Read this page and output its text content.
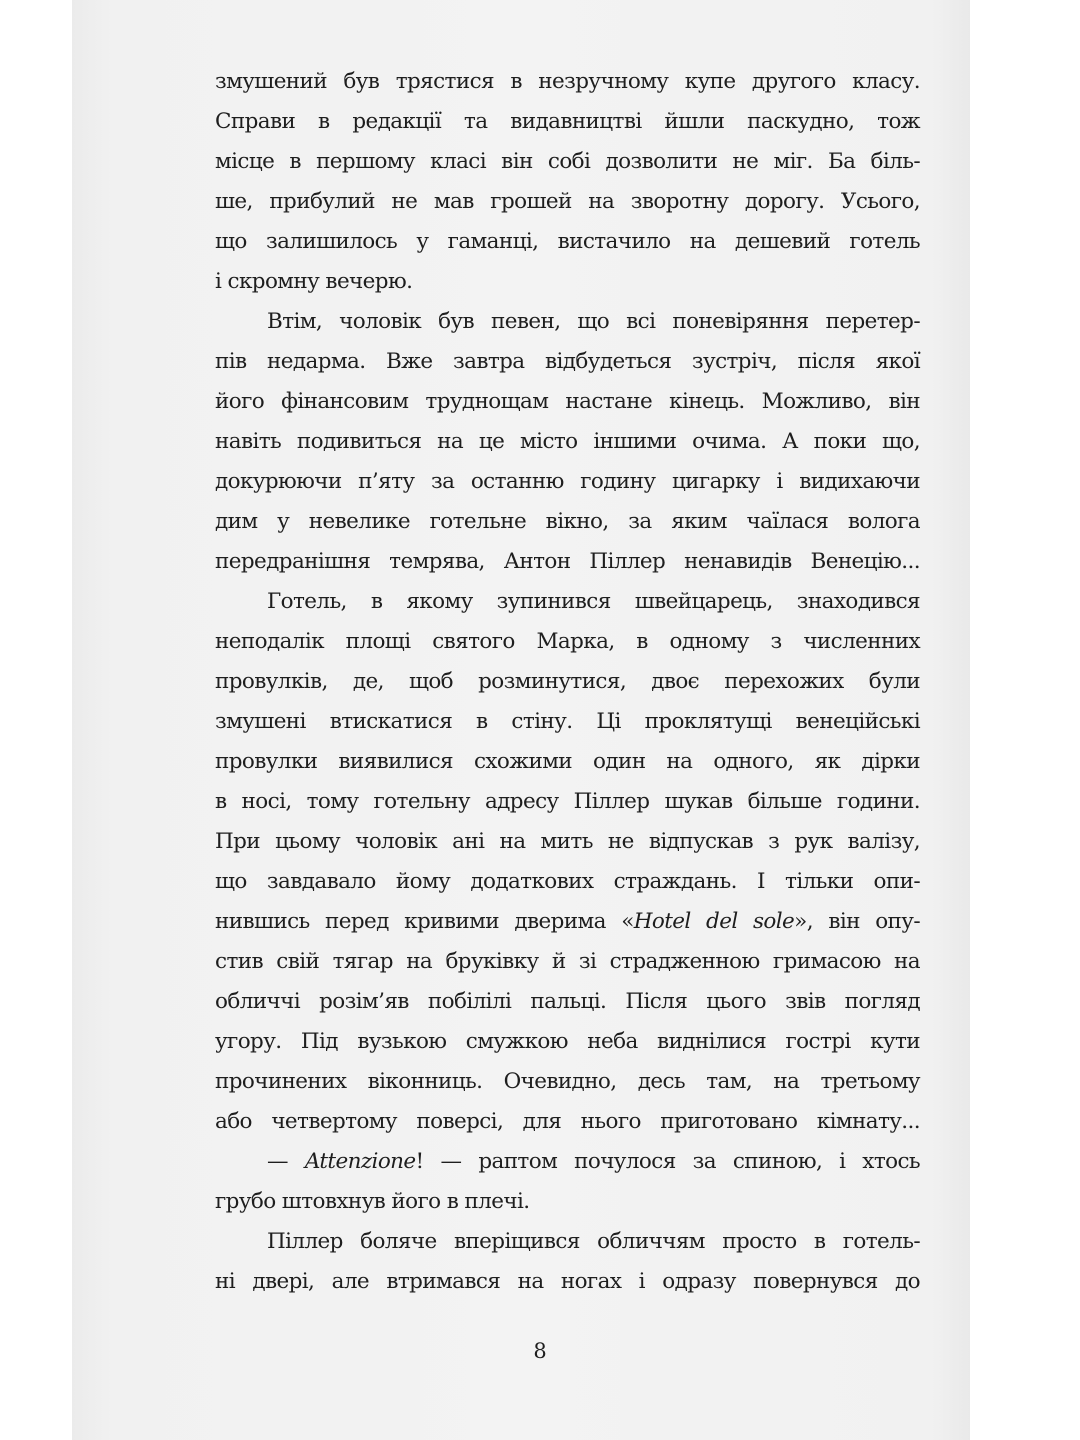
змушений був трястися в незручному купе другого класу.
Справи в редакції та видавництві йшли паскудно, тож
місце в першому класі він собі дозволити не міг. Ба біль-
ше, прибулий не мав грошей на зворотну дорогу. Усього,
що залишилось у гаманці, вистачило на дешевий готель
і скромну вечерю.
Втім, чоловік був певен, що всі поневіряння перетер-
пів недарма. Вже завтра відбудеться зустріч, після якої
його фінансовим труднощам настане кінець. Можливо, він
навіть подивиться на це місто іншими очима. А поки що,
докурюючи п’яту за останню годину цигарку і видихаючи
дим у невелике готельне вікно, за яким чаїлася волога
передранішня темрява, Антон Піллер ненавидів Венецію...
Готель, в якому зупинився швейцарець, знаходився
неподалік площі святого Марка, в одному з численних
провулків, де, щоб розминутися, двоє перехожих були
змушені втискатися в стіну. Ці проклятущі венеційські
провулки виявилися схожими один на одного, як дірки
в носі, тому готельну адресу Піллер шукав більше години.
При цьому чоловік ані на мить не відпускав з рук валізу,
що завдавало йому додаткових страждань. І тільки опи-
нившись перед кривими дверима «Hotel del sole», він опу-
стив свій тягар на бруківку й зі страдженною гримасою на
обличчі розім’яв побілілі пальці. Після цього звів погляд
угору. Під вузькою смужкою неба виднілися гострі кути
прочинених віконниць. Очевидно, десь там, на третьому
або четвертому поверсі, для нього приготовано кімнату...
— Attenzione! — раптом почулося за спиною, і хтось
грубо штовхнув його в плечі.
Піллер боляче вперіщився обличчям просто в готель-
ні двері, але втримався на ногах і одразу повернувся до
8
